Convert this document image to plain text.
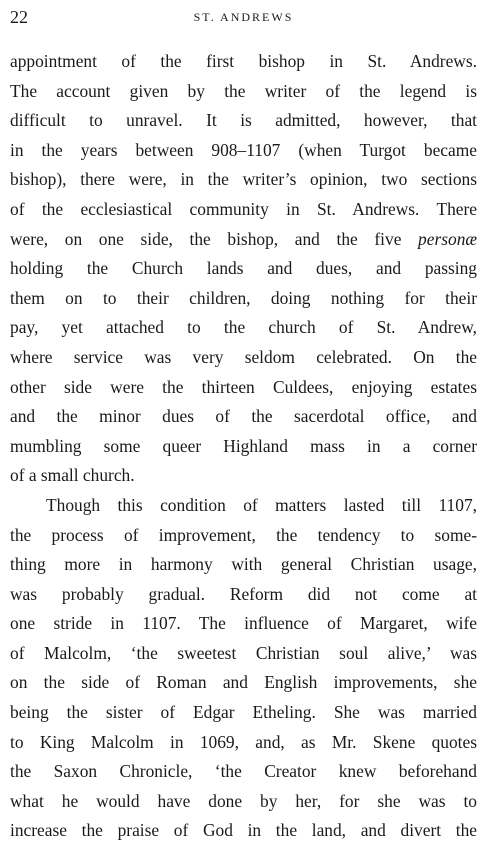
22	ST. ANDREWS

appointment of the first bishop in St. Andrews.
The account given by the writer of the legend is
difficult to unravel. It is admitted, however, that
in the years between 908–1107 (when Turgot became
bishop), there were, in the writer’s opinion, two sections
of the ecclesiastical community in St. Andrews. There
were, on one side, the bishop, and the five personæ
holding the Church lands and dues, and passing
them on to their children, doing nothing for their
pay, yet attached to the church of St. Andrew,
where service was very seldom celebrated. On the
other side were the thirteen Culdees, enjoying estates
and the minor dues of the sacerdotal office, and
mumbling some queer Highland mass in a corner
of a small church.

Though this condition of matters lasted till 1107,
the process of improvement, the tendency to some-
thing more in harmony with general Christian usage,
was probably gradual. Reform did not come at
one stride in 1107. The influence of Margaret, wife
of Malcolm, ‘the sweetest Christian soul alive,’ was
on the side of Roman and English improvements, she
being the sister of Edgar Etheling. She was married
to King Malcolm in 1069, and, as Mr. Skene quotes
the Saxon Chronicle, ‘the Creator knew beforehand
what he would have done by her, for she was to
increase the praise of God in the land, and divert the
